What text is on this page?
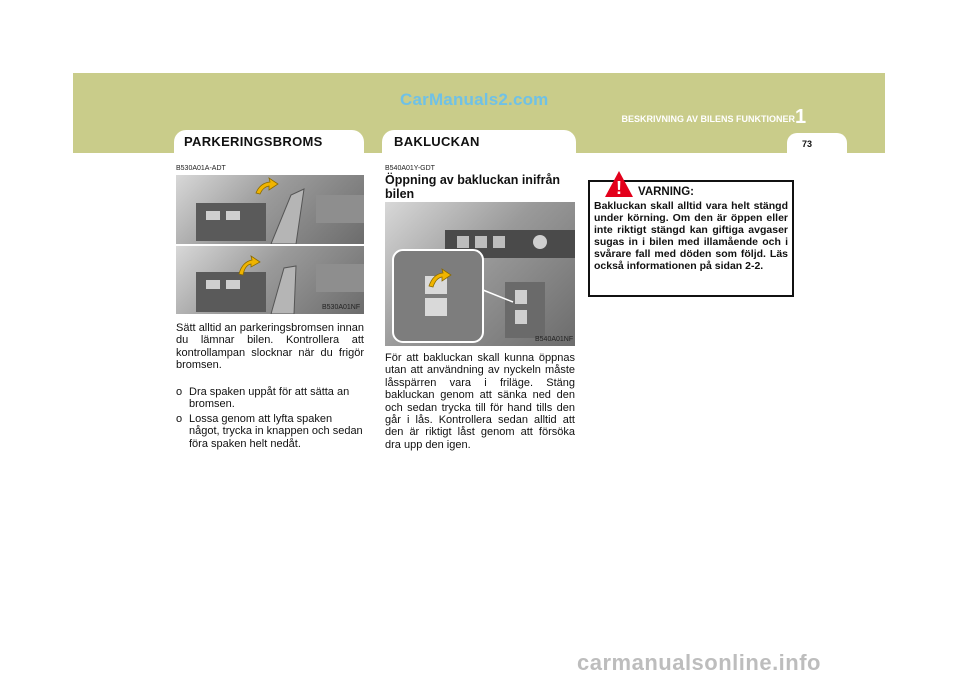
CarManuals2.com
BESKRIVNING AV BILENS FUNKTIONER 1
73
PARKERINGSBROMS
B530A01A-ADT
B530A01NF
Sätt alltid an parkeringsbromsen innan du lämnar bilen. Kontrollera att kontrollampan slocknar när du frigör bromsen.
o Dra spaken uppåt för att sätta an bromsen.
o Lossa genom att lyfta spaken något, trycka in knappen och sedan föra spaken helt nedåt.
BAKLUCKAN
B540A01Y-GDT
Öppning av bakluckan inifrån bilen
B540A01NF
För att bakluckan skall kunna öppnas utan att användning av nyckeln måste låsspärren vara i friläge. Stäng bakluckan genom att sänka ned den och sedan trycka till för hand tills den går i lås. Kontrollera sedan alltid att den är riktigt låst genom att försöka dra upp den igen.
! VARNING:
Bakluckan skall alltid vara helt stängd under körning. Om den är öppen eller inte riktigt stängd kan giftiga avgaser sugas in i bilen med illamående och i svårare fall med döden som följd. Läs också informationen på sidan 2-2.
carmanualsonline.info
